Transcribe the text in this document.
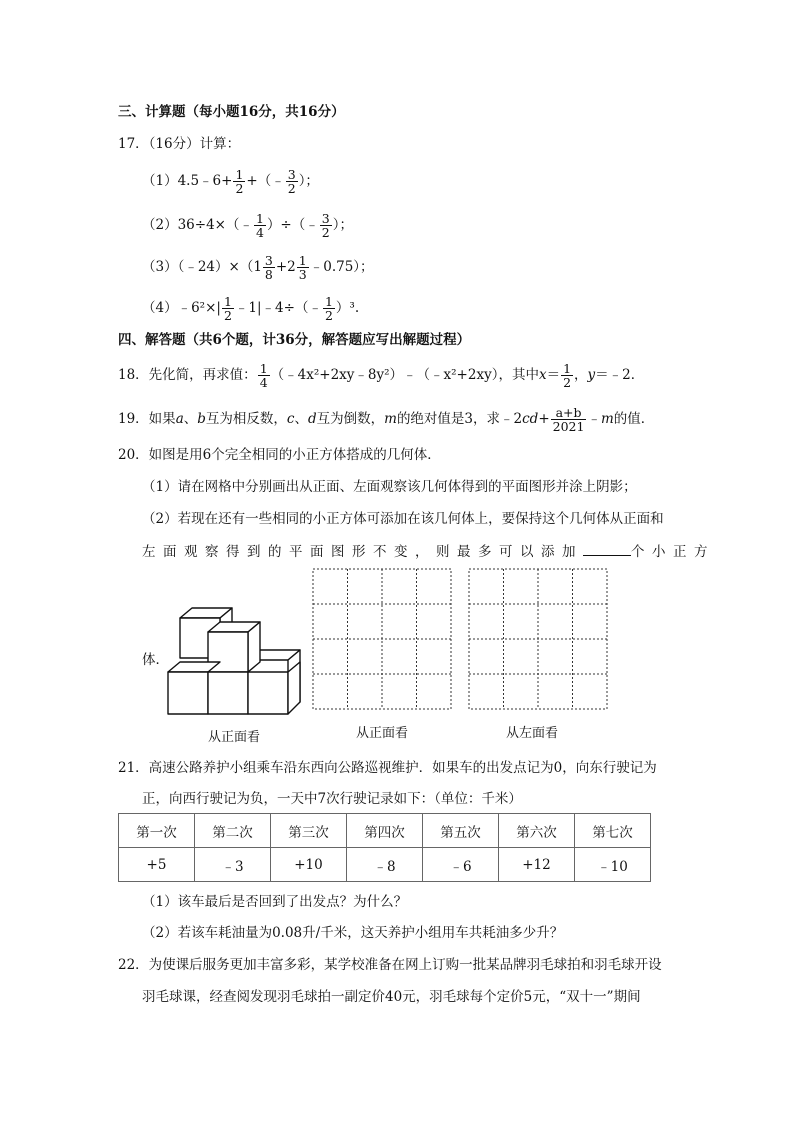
三、计算题（每小题16分，共16分）
17．（16分）计算：
（1）4.5﹣6+ $\frac{1}{2}$ +（﹣ $\frac{3}{2}$ ）；
（2）36÷4×（﹣ $\frac{1}{4}$ ）÷（﹣ $\frac{3}{2}$ ）；
（3）（﹣24）×（1 $\frac{3}{8} +2 \frac{1}{3}$ ﹣0.75）；
（4）﹣6²×| $\frac{1}{2}$ ﹣1|﹣4÷（﹣ $\frac{1}{2} )^3$.
四、解答题（共6个题，计36分，解答题应写出解题过程）
18．先化简，再求值： $\frac{1}{4}$ （﹣4x²+2xy﹣8y²）﹣（﹣x²+2xy），其中$x= \frac{1}{2}$ ，y＝﹣2．
19．如果a、b互为相反数，c、d互为倒数，m的绝对值是3，求﹣2cd+ $\frac{a+b}{2021}$ ﹣m的值．
20．如图是用6个完全相同的小正方体搭成的几何体．
（1）请在网格中分别画出从正面、左面观察该几何体得到的平面图形并涂上阴影；
（2）若现在还有一些相同的小正方体可添加在该几何体上，要保持这个几何体从正面和
左面观察得到的平面图形不变，则最多可以添加	个小正方
体．
从正面看	从正面看	从左面看
21．高速公路养护小组乘车沿东西向公路巡视维护．如果车的出发点记为0，向东行驶记为
正，向西行驶记为负，一天中7次行驶记录如下：（单位：千米）
第一次	第二次	第三次	第四次	第五次	第六次	第七次
+5	﹣3	+10	﹣8	﹣6	+12	﹣10
（1）该车最后是否回到了出发点？为什么？
（2）若该车耗油量为0.08升/千米，这天养护小组用车共耗油多少升？
22．为使课后服务更加丰富多彩，某学校准备在网上订购一批某品牌羽毛球拍和羽毛球开设
羽毛球课，经查阅发现羽毛球拍一副定价40元，羽毛球每个定价5元，“双十一”期间
